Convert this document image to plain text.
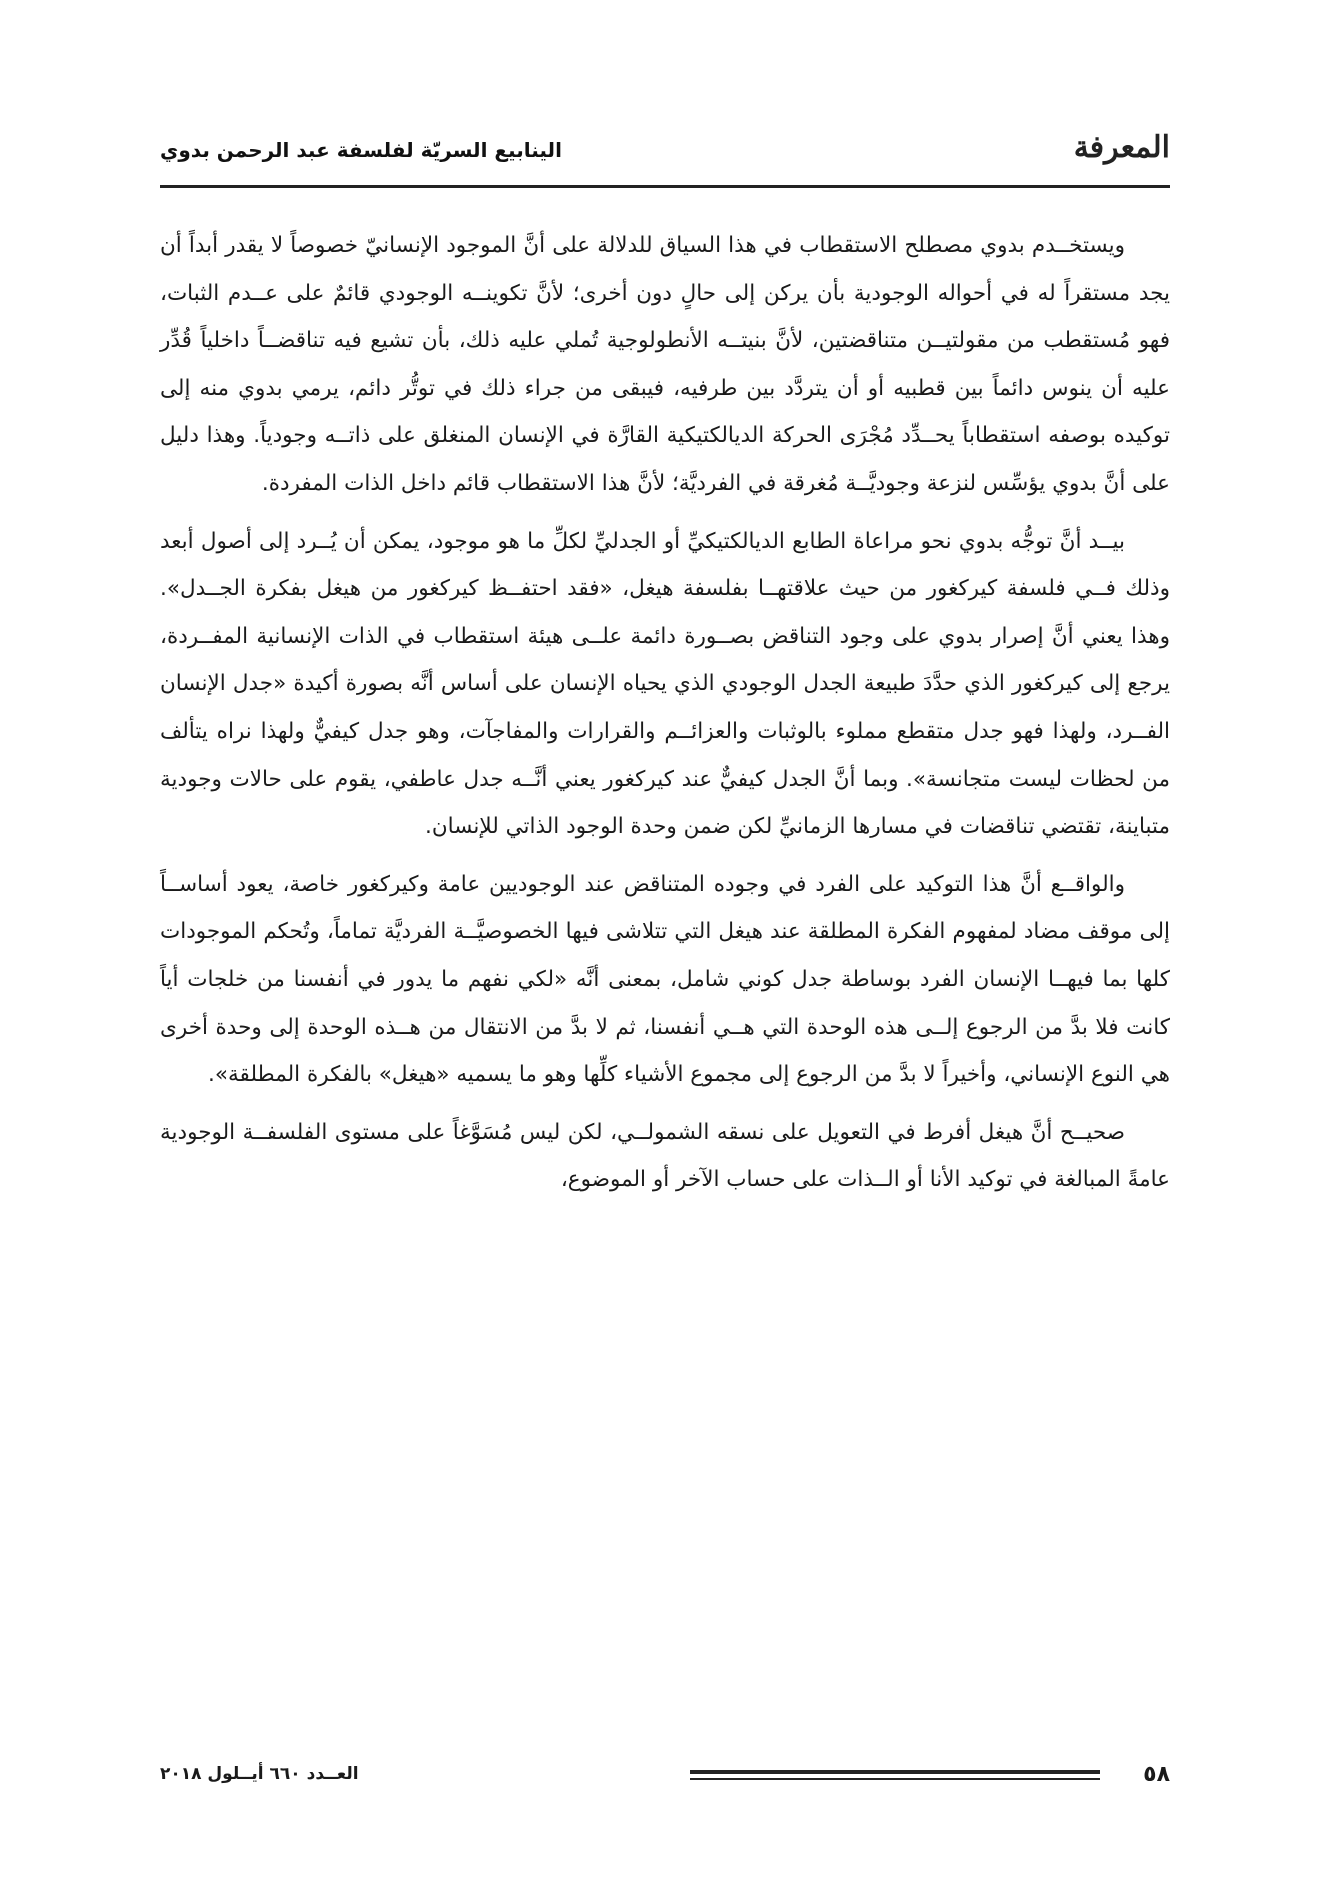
المعرفة
الينابيع السريّة لفلسفة عبد الرحمن بدوي

ويستخــدم بدوي مصطلح الاستقطاب في هذا السياق للدلالة على أنَّ الموجود الإنسانيّ خصوصاً لا يقدر أبداً أن يجد مستقراً له في أحواله الوجودية بأن يركن إلى حالٍ دون أخرى؛ لأنَّ تكوينــه الوجودي قائمٌ على عــدم الثبات، فهو مُستقطب من مقولتيــن متناقضتين، لأنَّ بنيتــه الأنطولوجية تُملي عليه ذلك، بأن تشيع فيه تناقضــاً داخلياً قُدِّر عليه أن ينوس دائماً بين قطبيه أو أن يتردَّد بين طرفيه، فيبقى من جراء ذلك في توتُّر دائم، يرمي بدوي منه إلى توكيده بوصفه استقطاباً يحــدِّد مُجْرَى الحركة الديالكتيكية القارَّة في الإنسان المنغلق على ذاتــه وجودياً. وهذا دليل على أنَّ بدوي يؤسِّس لنزعة وجوديَّــة مُغرقة في الفرديَّة؛ لأنَّ هذا الاستقطاب قائم داخل الذات المفردة.

بيــد أنَّ توجُّه بدوي نحو مراعاة الطابع الديالكتيكيِّ أو الجدليِّ لكلِّ ما هو موجود، يمكن أن يُــرد إلى أصول أبعد وذلك فــي فلسفة كيركغور من حيث علاقتهــا بفلسفة هيغل، «فقد احتفــظ كيركغور من هيغل بفكرة الجــدل». وهذا يعني أنَّ إصرار بدوي على وجود التناقض بصــورة دائمة علــى هيئة استقطاب في الذات الإنسانية المفــردة، يرجع إلى كيركغور الذي حدَّدَ طبيعة الجدل الوجودي الذي يحياه الإنسان على أساس أنَّه بصورة أكيدة «جدل الإنسان الفــرد، ولهذا فهو جدل متقطع مملوء بالوثبات والعزائــم والقرارات والمفاجآت، وهو جدل كيفيٌّ ولهذا نراه يتألف من لحظات ليست متجانسة». وبما أنَّ الجدل كيفيٌّ عند كيركغور يعني أنَّــه جدل عاطفي، يقوم على حالات وجودية متباينة، تقتضي تناقضات في مسارها الزمانيِّ لكن ضمن وحدة الوجود الذاتي للإنسان.

والواقــع أنَّ هذا التوكيد على الفرد في وجوده المتناقض عند الوجوديين عامة وكيركغور خاصة، يعود أساســاً إلى موقف مضاد لمفهوم الفكرة المطلقة عند هيغل التي تتلاشى فيها الخصوصيَّــة الفرديَّة تماماً، وتُحكم الموجودات كلها بما فيهــا الإنسان الفرد بوساطة جدل كوني شامل، بمعنى أنَّه «لكي نفهم ما يدور في أنفسنا من خلجات أياً كانت فلا بدَّ من الرجوع إلــى هذه الوحدة التي هــي أنفسنا، ثم لا بدَّ من الانتقال من هــذه الوحدة إلى وحدة أخرى هي النوع الإنساني، وأخيراً لا بدَّ من الرجوع إلى مجموع الأشياء كلِّها وهو ما يسميه «هيغل» بالفكرة المطلقة».

صحيــح أنَّ هيغل أفرط في التعويل على نسقه الشمولــي، لكن ليس مُسَوَّغاً على مستوى الفلسفــة الوجودية عامةً المبالغة في توكيد الأنا أو الــذات على حساب الآخر أو الموضوع،

٥٨
العــدد ٦٦٠ أيــلول ٢٠١٨
